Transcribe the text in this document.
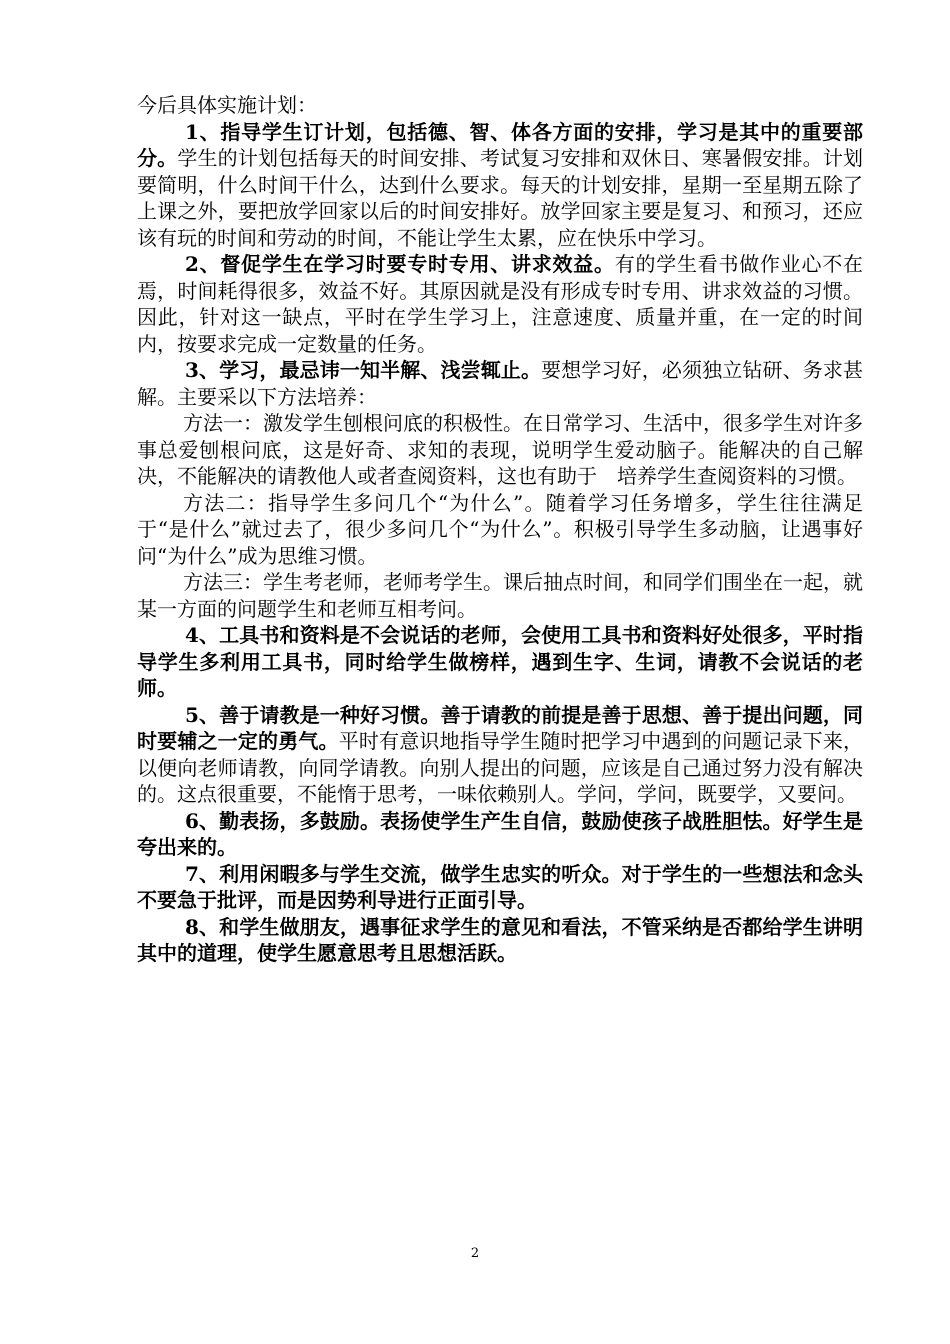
今后具体实施计划：

1、指导学生订计划，包括德、智、体各方面的安排，学习是其中的重要部分。学生的计划包括每天的时间安排、考试复习安排和双休日、寒暑假安排。计划要简明，什么时间干什么，达到什么要求。每天的计划安排，星期一至星期五除了上课之外，要把放学回家以后的时间安排好。放学回家主要是复习、和预习，还应该有玩的时间和劳动的时间，不能让学生太累，应在快乐中学习。

2、督促学生在学习时要专时专用、讲求效益。有的学生看书做作业心不在焉，时间耗得很多，效益不好。其原因就是没有形成专时专用、讲求效益的习惯。因此，针对这一缺点，平时在学生学习上，注意速度、质量并重，在一定的时间内，按要求完成一定数量的任务。

3、学习，最忌讳一知半解、浅尝辄止。要想学习好，必须独立钻研、务求甚解。主要采以下方法培养：

方法一：激发学生刨根问底的积极性。在日常学习、生活中，很多学生对许多事总爱刨根问底，这是好奇、求知的表现，说明学生爱动脑子。能解决的自己解决，不能解决的请教他人或者查阅资料，这也有助于　培养学生查阅资料的习惯。

方法二：指导学生多问几个“为什么”。随着学习任务增多，学生往往满足于“是什么”就过去了，很少多问几个“为什么”。积极引导学生多动脑，让遇事好问“为什么”成为思维习惯。

方法三：学生考老师，老师考学生。课后抽点时间，和同学们围坐在一起，就某一方面的问题学生和老师互相考问。

4、工具书和资料是不会说话的老师，会使用工具书和资料好处很多，平时指导学生多利用工具书，同时给学生做榜样，遇到生字、生词，请教不会说话的老师。

5、善于请教是一种好习惯。善于请教的前提是善于思想、善于提出问题，同时要辅之一定的勇气。平时有意识地指导学生随时把学习中遇到的问题记录下来，以便向老师请教，向同学请教。向别人提出的问题，应该是自己通过努力没有解决的。这点很重要，不能惰于思考，一味依赖别人。学问，学问，既要学，又要问。

6、勤表扬，多鼓励。表扬使学生产生自信，鼓励使孩子战胜胆怯。好学生是夸出来的。

7、利用闲暇多与学生交流，做学生忠实的听众。对于学生的一些想法和念头不要急于批评，而是因势利导进行正面引导。

8、和学生做朋友，遇事征求学生的意见和看法，不管采纳是否都给学生讲明其中的道理，使学生愿意思考且思想活跃。

2
